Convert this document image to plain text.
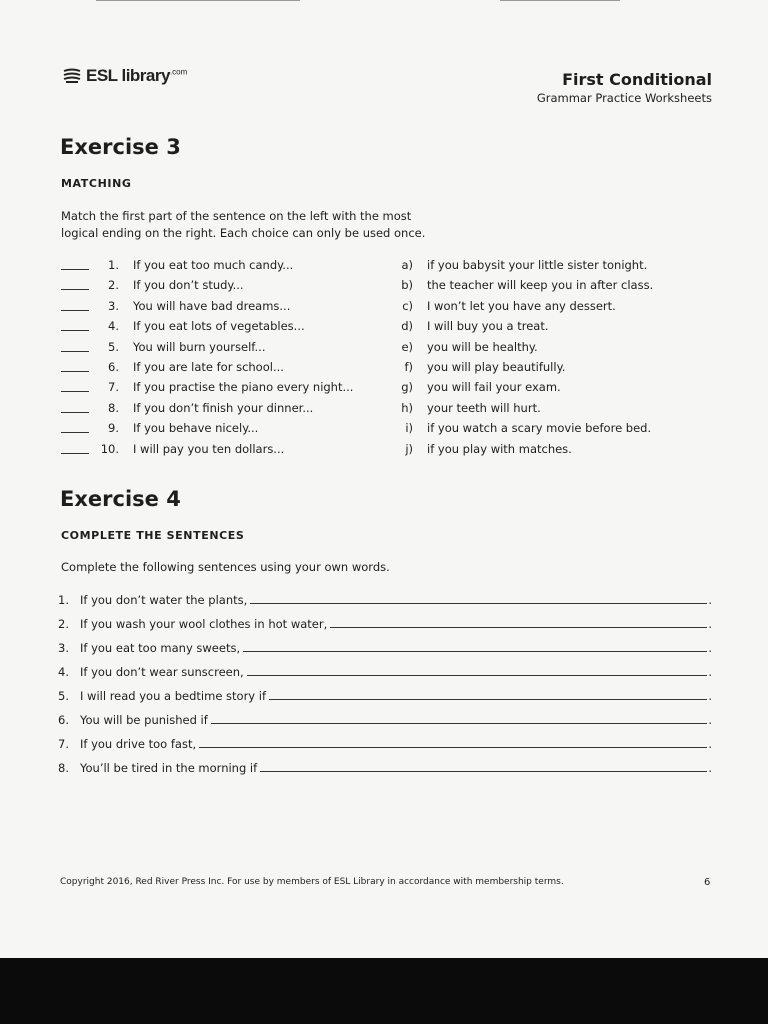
ESL library$^{.com}$	First Conditional
Grammar Practice Worksheets
Exercise 3
MATCHING
Match the first part of the sentence on the left with the most logical ending on the right. Each choice can only be used once.
1. If you eat too much candy...	a) if you babysit your little sister tonight.
2. If you don’t study...	b) the teacher will keep you in after class.
3. You will have bad dreams...	c) I won’t let you have any dessert.
4. If you eat lots of vegetables...	d) I will buy you a treat.
5. You will burn yourself...	e) you will be healthy.
6. If you are late for school...	f) you will play beautifully.
7. If you practise the piano every night...	g) you will fail your exam.
8. If you don’t finish your dinner...	h) your teeth will hurt.
9. If you behave nicely...	i) if you watch a scary movie before bed.
10. I will pay you ten dollars...	j) if you play with matches.
Exercise 4
COMPLETE THE SENTENCES
Complete the following sentences using your own words.
1. If you don’t water the plants,	.
2. If you wash your wool clothes in hot water,	.
3. If you eat too many sweets,	.
4. If you don’t wear sunscreen,	.
5. I will read you a bedtime story if	.
6. You will be punished if	.
7. If you drive too fast,	.
8. You’ll be tired in the morning if	.
Copyright 2016, Red River Press Inc. For use by members of ESL Library in accordance with membership terms.	6
